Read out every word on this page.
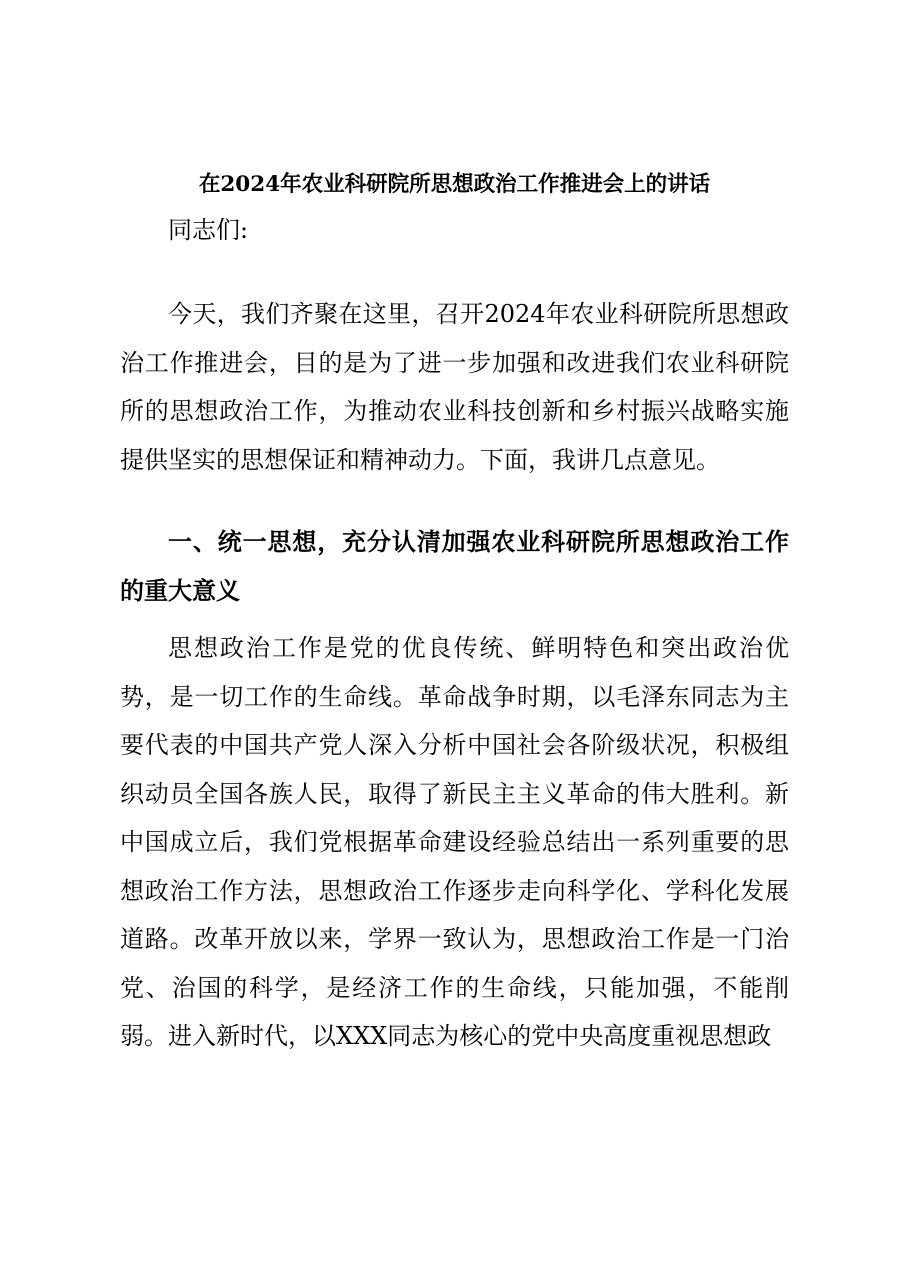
在2024年农业科研院所思想政治工作推进会上的讲话

同志们:

今天，我们齐聚在这里，召开2024年农业科研院所思想政治工作推进会，目的是为了进一步加强和改进我们农业科研院所的思想政治工作，为推动农业科技创新和乡村振兴战略实施提供坚实的思想保证和精神动力。下面，我讲几点意见。

一、统一思想，充分认清加强农业科研院所思想政治工作的重大意义

思想政治工作是党的优良传统、鲜明特色和突出政治优势，是一切工作的生命线。革命战争时期，以毛泽东同志为主要代表的中国共产党人深入分析中国社会各阶级状况，积极组织动员全国各族人民，取得了新民主主义革命的伟大胜利。新中国成立后，我们党根据革命建设经验总结出一系列重要的思想政治工作方法，思想政治工作逐步走向科学化、学科化发展道路。改革开放以来，学界一致认为，思想政治工作是一门治党、治国的科学，是经济工作的生命线，只能加强，不能削弱。进入新时代，以XXX同志为核心的党中央高度重视思想政
